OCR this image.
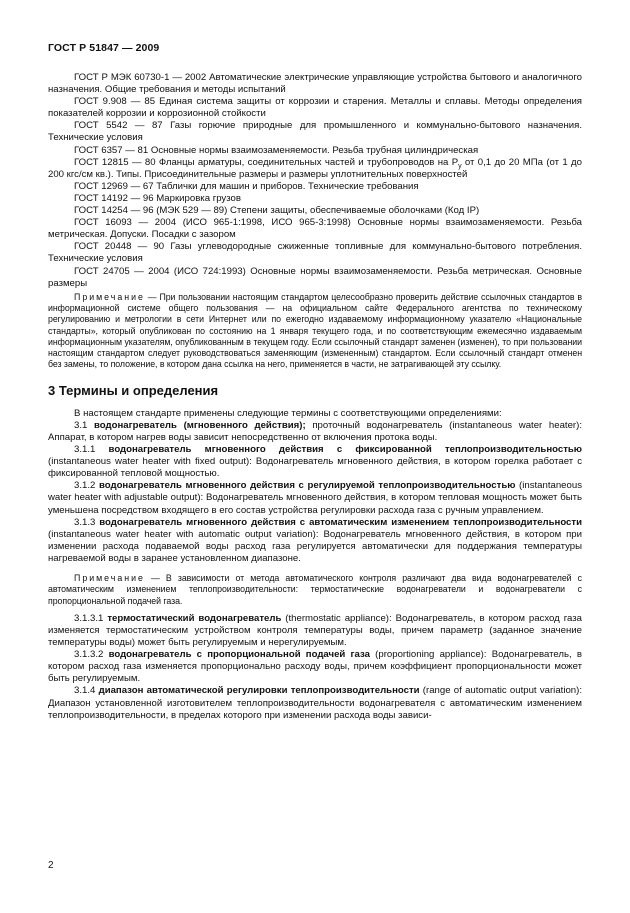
ГОСТ Р 51847 — 2009

ГОСТ Р МЭК 60730-1 — 2002 Автоматические электрические управляющие устройства бытового и аналогичного назначения. Общие требования и методы испытаний

ГОСТ 9.908 — 85 Единая система защиты от коррозии и старения. Металлы и сплавы. Методы определения показателей коррозии и коррозионной стойкости

ГОСТ 5542 — 87 Газы горючие природные для промышленного и коммунально-бытового назначения. Технические условия

ГОСТ 6357 — 81 Основные нормы взаимозаменяемости. Резьба трубная цилиндрическая

ГОСТ 12815 — 80 Фланцы арматуры, соединительных частей и трубопроводов на $P_у$ от 0,1 до 20 МПа (от 1 до 200 кгс/см кв.). Типы. Присоединительные размеры и размеры уплотнительных поверхностей

ГОСТ 12969 — 67 Таблички для машин и приборов. Технические требования

ГОСТ 14192 — 96 Маркировка грузов

ГОСТ 14254 — 96 (МЭК 529 — 89) Степени защиты, обеспечиваемые оболочками (Код IP)

ГОСТ 16093 — 2004 (ИСО 965-1:1998, ИСО 965-3:1998) Основные нормы взаимозаменяемости. Резьба метрическая. Допуски. Посадки с зазором

ГОСТ 20448 — 90 Газы углеводородные сжиженные топливные для коммунально-бытового потребления. Технические условия

ГОСТ 24705 — 2004 (ИСО 724:1993) Основные нормы взаимозаменяемости. Резьба метрическая. Основные размеры

Примечание — При пользовании настоящим стандартом целесообразно проверить действие ссылочных стандартов в информационной системе общего пользования — на официальном сайте Федерального агентства по техническому регулированию и метрологии в сети Интернет или по ежегодно издаваемому информационному указателю «Национальные стандарты», который опубликован по состоянию на 1 января текущего года, и по соответствующим ежемесячно издаваемым информационным указателям, опубликованным в текущем году. Если ссылочный стандарт заменен (изменен), то при пользовании настоящим стандартом следует руководствоваться заменяющим (измененным) стандартом. Если ссылочный стандарт отменен без замены, то положение, в котором дана ссылка на него, применяется в части, не затрагивающей эту ссылку.

3 Термины и определения

В настоящем стандарте применены следующие термины с соответствующими определениями:

3.1 водонагреватель (мгновенного действия); проточный водонагреватель (instantaneous water heater): Аппарат, в котором нагрев воды зависит непосредственно от включения протока воды.

3.1.1 водонагреватель мгновенного действия с фиксированной теплопроизводительностью (instantaneous water heater with fixed output): Водонагреватель мгновенного действия, в котором горелка работает с фиксированной тепловой мощностью.

3.1.2 водонагреватель мгновенного действия с регулируемой теплопроизводительностью (instantaneous water heater with adjustable output): Водонагреватель мгновенного действия, в котором тепловая мощность может быть уменьшена посредством входящего в его состав устройства регулировки расхода газа с ручным управлением.

3.1.3 водонагреватель мгновенного действия с автоматическим изменением теплопроизводительности (instantaneous water heater with automatic output variation): Водонагреватель мгновенного действия, в котором при изменении расхода подаваемой воды расход газа регулируется автоматически для поддержания температуры нагреваемой воды в заранее установленном диапазоне.

Примечание — В зависимости от метода автоматического контроля различают два вида водонагревателей с автоматическим изменением теплопроизводительности: термостатические водонагреватели и водонагреватели с пропорциональной подачей газа.

3.1.3.1 термостатический водонагреватель (thermostatic appliance): Водонагреватель, в котором расход газа изменяется термостатическим устройством контроля температуры воды, причем параметр (заданное значение температуры воды) может быть регулируемым и нерегулируемым.

3.1.3.2 водонагреватель с пропорциональной подачей газа (proportioning appliance): Водонагреватель, в котором расход газа изменяется пропорционально расходу воды, причем коэффициент пропорциональности может быть регулируемым.

3.1.4 диапазон автоматической регулировки теплопроизводительности (range of automatic output variation): Диапазон установленной изготовителем теплопроизводительности водонагревателя с автоматическим изменением теплопроизводительности, в пределах которого при изменении расхода воды зависи-

2
